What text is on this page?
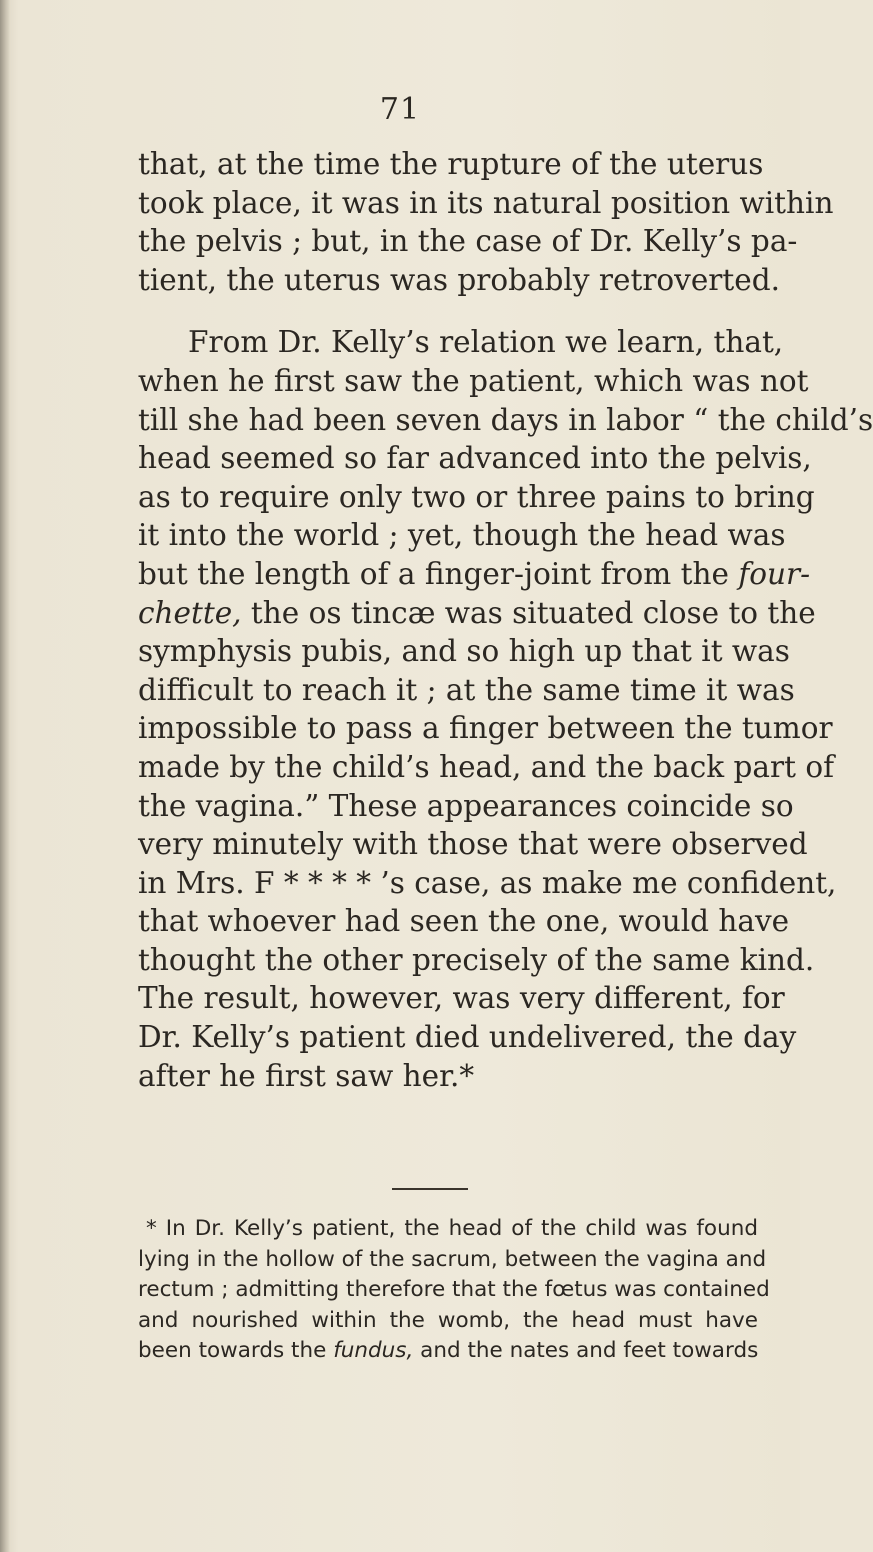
71
that, at the time the rupture of the uterus
took place, it was in its natural position within
the pelvis ; but, in the case of Dr. Kelly’s pa-
tient, the uterus was probably retroverted.
From Dr. Kelly’s relation we learn, that,
when he first saw the patient, which was not
till she had been seven days in labor “ the child’s
head seemed so far advanced into the pelvis,
as to require only two or three pains to bring
it into the world ; yet, though the head was
but the length of a finger-joint from the four-
chette, the os tincæ was situated close to the
symphysis pubis, and so high up that it was
difficult to reach it ; at the same time it was
impossible to pass a finger between the tumor
made by the child’s head, and the back part of
the vagina.” These appearances coincide so
very minutely with those that were observed
in Mrs. F * * * * ’s case, as make me confident,
that whoever had seen the one, would have
thought the other precisely of the same kind.
The result, however, was very different, for
Dr. Kelly’s patient died undelivered, the day
after he first saw her.*
* In Dr. Kelly’s patient, the head of the child was found
lying in the hollow of the sacrum, between the vagina and
rectum ; admitting therefore that the fœtus was contained
and nourished within the womb, the head must have
been towards the fundus, and the nates and feet towards
